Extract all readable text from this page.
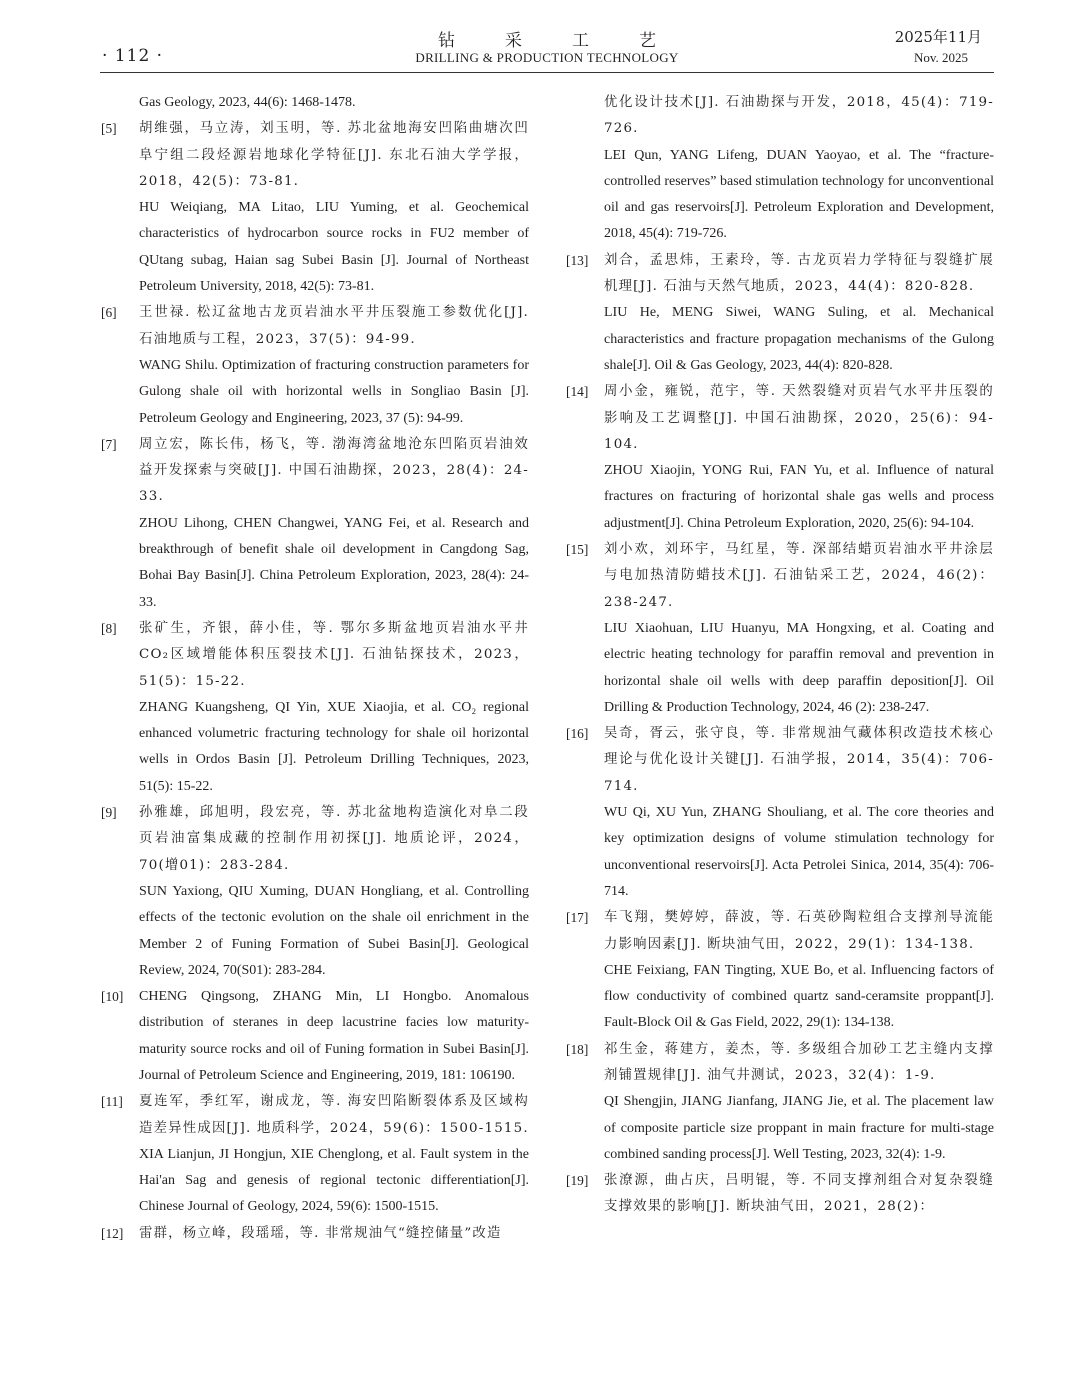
· 112 ·
钻采工艺
DRILLING & PRODUCTION TECHNOLOGY
2025年11月
Nov. 2025

Gas Geology, 2023, 44(6): 1468-1478.

[5]	胡维强，马立涛，刘玉明，等. 苏北盆地海安凹陷曲塘次凹阜宁组二段烃源岩地球化学特征[J]. 东北石油大学学报，2018，42(5)：73-81.

HU Weiqiang, MA Litao, LIU Yuming, et al. Geochemical characteristics of hydrocarbon source rocks in FU2 member of QUtang subag, Haian sag Subei Basin [J]. Journal of Northeast Petroleum University, 2018, 42(5): 73-81.

[6]	王世禄. 松辽盆地古龙页岩油水平井压裂施工参数优化[J]. 石油地质与工程，2023，37(5)：94-99.

WANG Shilu. Optimization of fracturing construction parameters for Gulong shale oil with horizontal wells in Songliao Basin [J]. Petroleum Geology and Engineering, 2023, 37 (5): 94-99.

[7]	周立宏，陈长伟，杨飞，等. 渤海湾盆地沧东凹陷页岩油效益开发探索与突破[J]. 中国石油勘探，2023，28(4)：24-33.

ZHOU Lihong, CHEN Changwei, YANG Fei, et al. Research and breakthrough of benefit shale oil development in Cangdong Sag, Bohai Bay Basin[J]. China Petroleum Exploration, 2023, 28(4): 24-33.

[8]	张矿生，齐银，薛小佳，等. 鄂尔多斯盆地页岩油水平井CO₂区域增能体积压裂技术[J]. 石油钻探技术，2023，51(5)：15-22.

ZHANG Kuangsheng, QI Yin, XUE Xiaojia, et al. CO₂ regional enhanced volumetric fracturing technology for shale oil horizontal wells in Ordos Basin [J]. Petroleum Drilling Techniques, 2023, 51(5): 15-22.

[9]	孙雅雄，邱旭明，段宏亮，等. 苏北盆地构造演化对阜二段页岩油富集成藏的控制作用初探[J]. 地质论评，2024，70(增01)：283-284.

SUN Yaxiong, QIU Xuming, DUAN Hongliang, et al. Controlling effects of the tectonic evolution on the shale oil enrichment in the Member 2 of Funing Formation of Subei Basin[J]. Geological Review, 2024, 70(S01): 283-284.

[10]	CHENG Qingsong, ZHANG Min, LI Hongbo. Anomalous distribution of steranes in deep lacustrine facies low maturity-maturity source rocks and oil of Funing formation in Subei Basin[J]. Journal of Petroleum Science and Engineering, 2019, 181: 106190.

[11]	夏连军，季红军，谢成龙，等. 海安凹陷断裂体系及区域构造差异性成因[J]. 地质科学，2024，59(6)：1500-1515.

XIA Lianjun, JI Hongjun, XIE Chenglong, et al. Fault system in the Hai'an Sag and genesis of regional tectonic differentiation[J]. Chinese Journal of Geology, 2024, 59(6): 1500-1515.

[12]	雷群，杨立峰，段瑶瑶，等. 非常规油气“缝控储量”改造

优化设计技术[J]. 石油勘探与开发，2018，45(4)：719-726.

LEI Qun, YANG Lifeng, DUAN Yaoyao, et al. The “fracture-controlled reserves” based stimulation technology for unconventional oil and gas reservoirs[J]. Petroleum Exploration and Development, 2018, 45(4): 719-726.

[13]	刘合，孟思炜，王素玲，等. 古龙页岩力学特征与裂缝扩展机理[J]. 石油与天然气地质，2023，44(4)：820-828.

LIU He, MENG Siwei, WANG Suling, et al. Mechanical characteristics and fracture propagation mechanisms of the Gulong shale[J]. Oil & Gas Geology, 2023, 44(4): 820-828.

[14]	周小金，雍锐，范宇，等. 天然裂缝对页岩气水平井压裂的影响及工艺调整[J]. 中国石油勘探，2020，25(6)：94-104.

ZHOU Xiaojin, YONG Rui, FAN Yu, et al. Influence of natural fractures on fracturing of horizontal shale gas wells and process adjustment[J]. China Petroleum Exploration, 2020, 25(6): 94-104.

[15]	刘小欢，刘环宇，马红星，等. 深部结蜡页岩油水平井涂层与电加热清防蜡技术[J]. 石油钻采工艺，2024，46(2)：238-247.

LIU Xiaohuan, LIU Huanyu, MA Hongxing, et al. Coating and electric heating technology for paraffin removal and prevention in horizontal shale oil wells with deep paraffin deposition[J]. Oil Drilling & Production Technology, 2024, 46 (2): 238-247.

[16]	吴奇，胥云，张守良，等. 非常规油气藏体积改造技术核心理论与优化设计关键[J]. 石油学报，2014，35(4)：706-714.

WU Qi, XU Yun, ZHANG Shouliang, et al. The core theories and key optimization designs of volume stimulation technology for unconventional reservoirs[J]. Acta Petrolei Sinica, 2014, 35(4): 706-714.

[17]	车飞翔，樊婷婷，薛波，等. 石英砂陶粒组合支撑剂导流能力影响因素[J]. 断块油气田，2022，29(1)：134-138.

CHE Feixiang, FAN Tingting, XUE Bo, et al. Influencing factors of flow conductivity of combined quartz sand-ceramsite proppant[J]. Fault-Block Oil & Gas Field, 2022, 29(1): 134-138.

[18]	祁生金，蒋建方，姜杰，等. 多级组合加砂工艺主缝内支撑剂铺置规律[J]. 油气井测试，2023，32(4)：1-9.

QI Shengjin, JIANG Jianfang, JIANG Jie, et al. The placement law of composite particle size proppant in main fracture for multi-stage combined sanding process[J]. Well Testing, 2023, 32(4): 1-9.

[19]	张潦源，曲占庆，吕明锟，等. 不同支撑剂组合对复杂裂缝支撑效果的影响[J]. 断块油气田，2021，28(2)：
